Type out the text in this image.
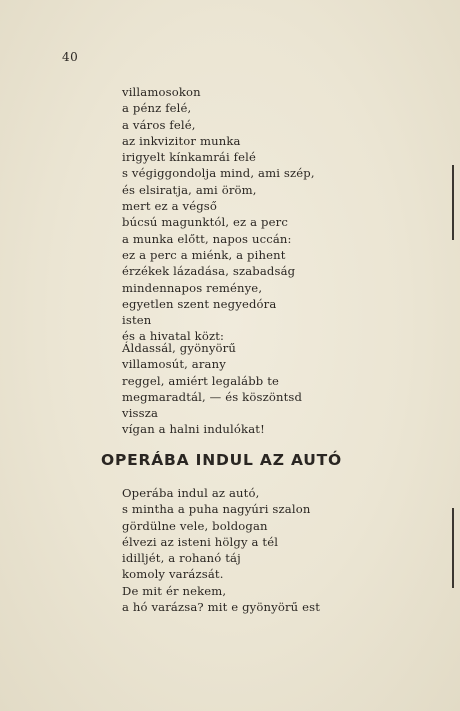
40
villamosokon
a pénz felé,
a város felé,
az inkvizitor munka
irigyelt kínkamrái felé
s végiggondolja mind, ami szép,
és elsiratja, ami öröm,
mert ez a végső
búcsú magunktól, ez a perc
a munka előtt, napos uccán:
ez a perc a miénk, a pihent
érzékek lázadása, szabadság
mindennapos reménye,
egyetlen szent negyedóra
isten
és a hivatal közt:
Áldassál, gyönyörű
villamosút, arany
reggel, amiért legalább te
megmaradtál, — és köszöntsd
vissza
vígan a halni indulókat!
OPERÁBA INDUL AZ AUTÓ
Operába indul az autó,
s mintha a puha nagyúri szalon
gördülne vele, boldogan
élvezi az isteni hölgy a tél
idilljét, a rohanó táj
komoly varázsát.
De mit ér nekem,
a hó varázsa? mit e gyönyörű est
